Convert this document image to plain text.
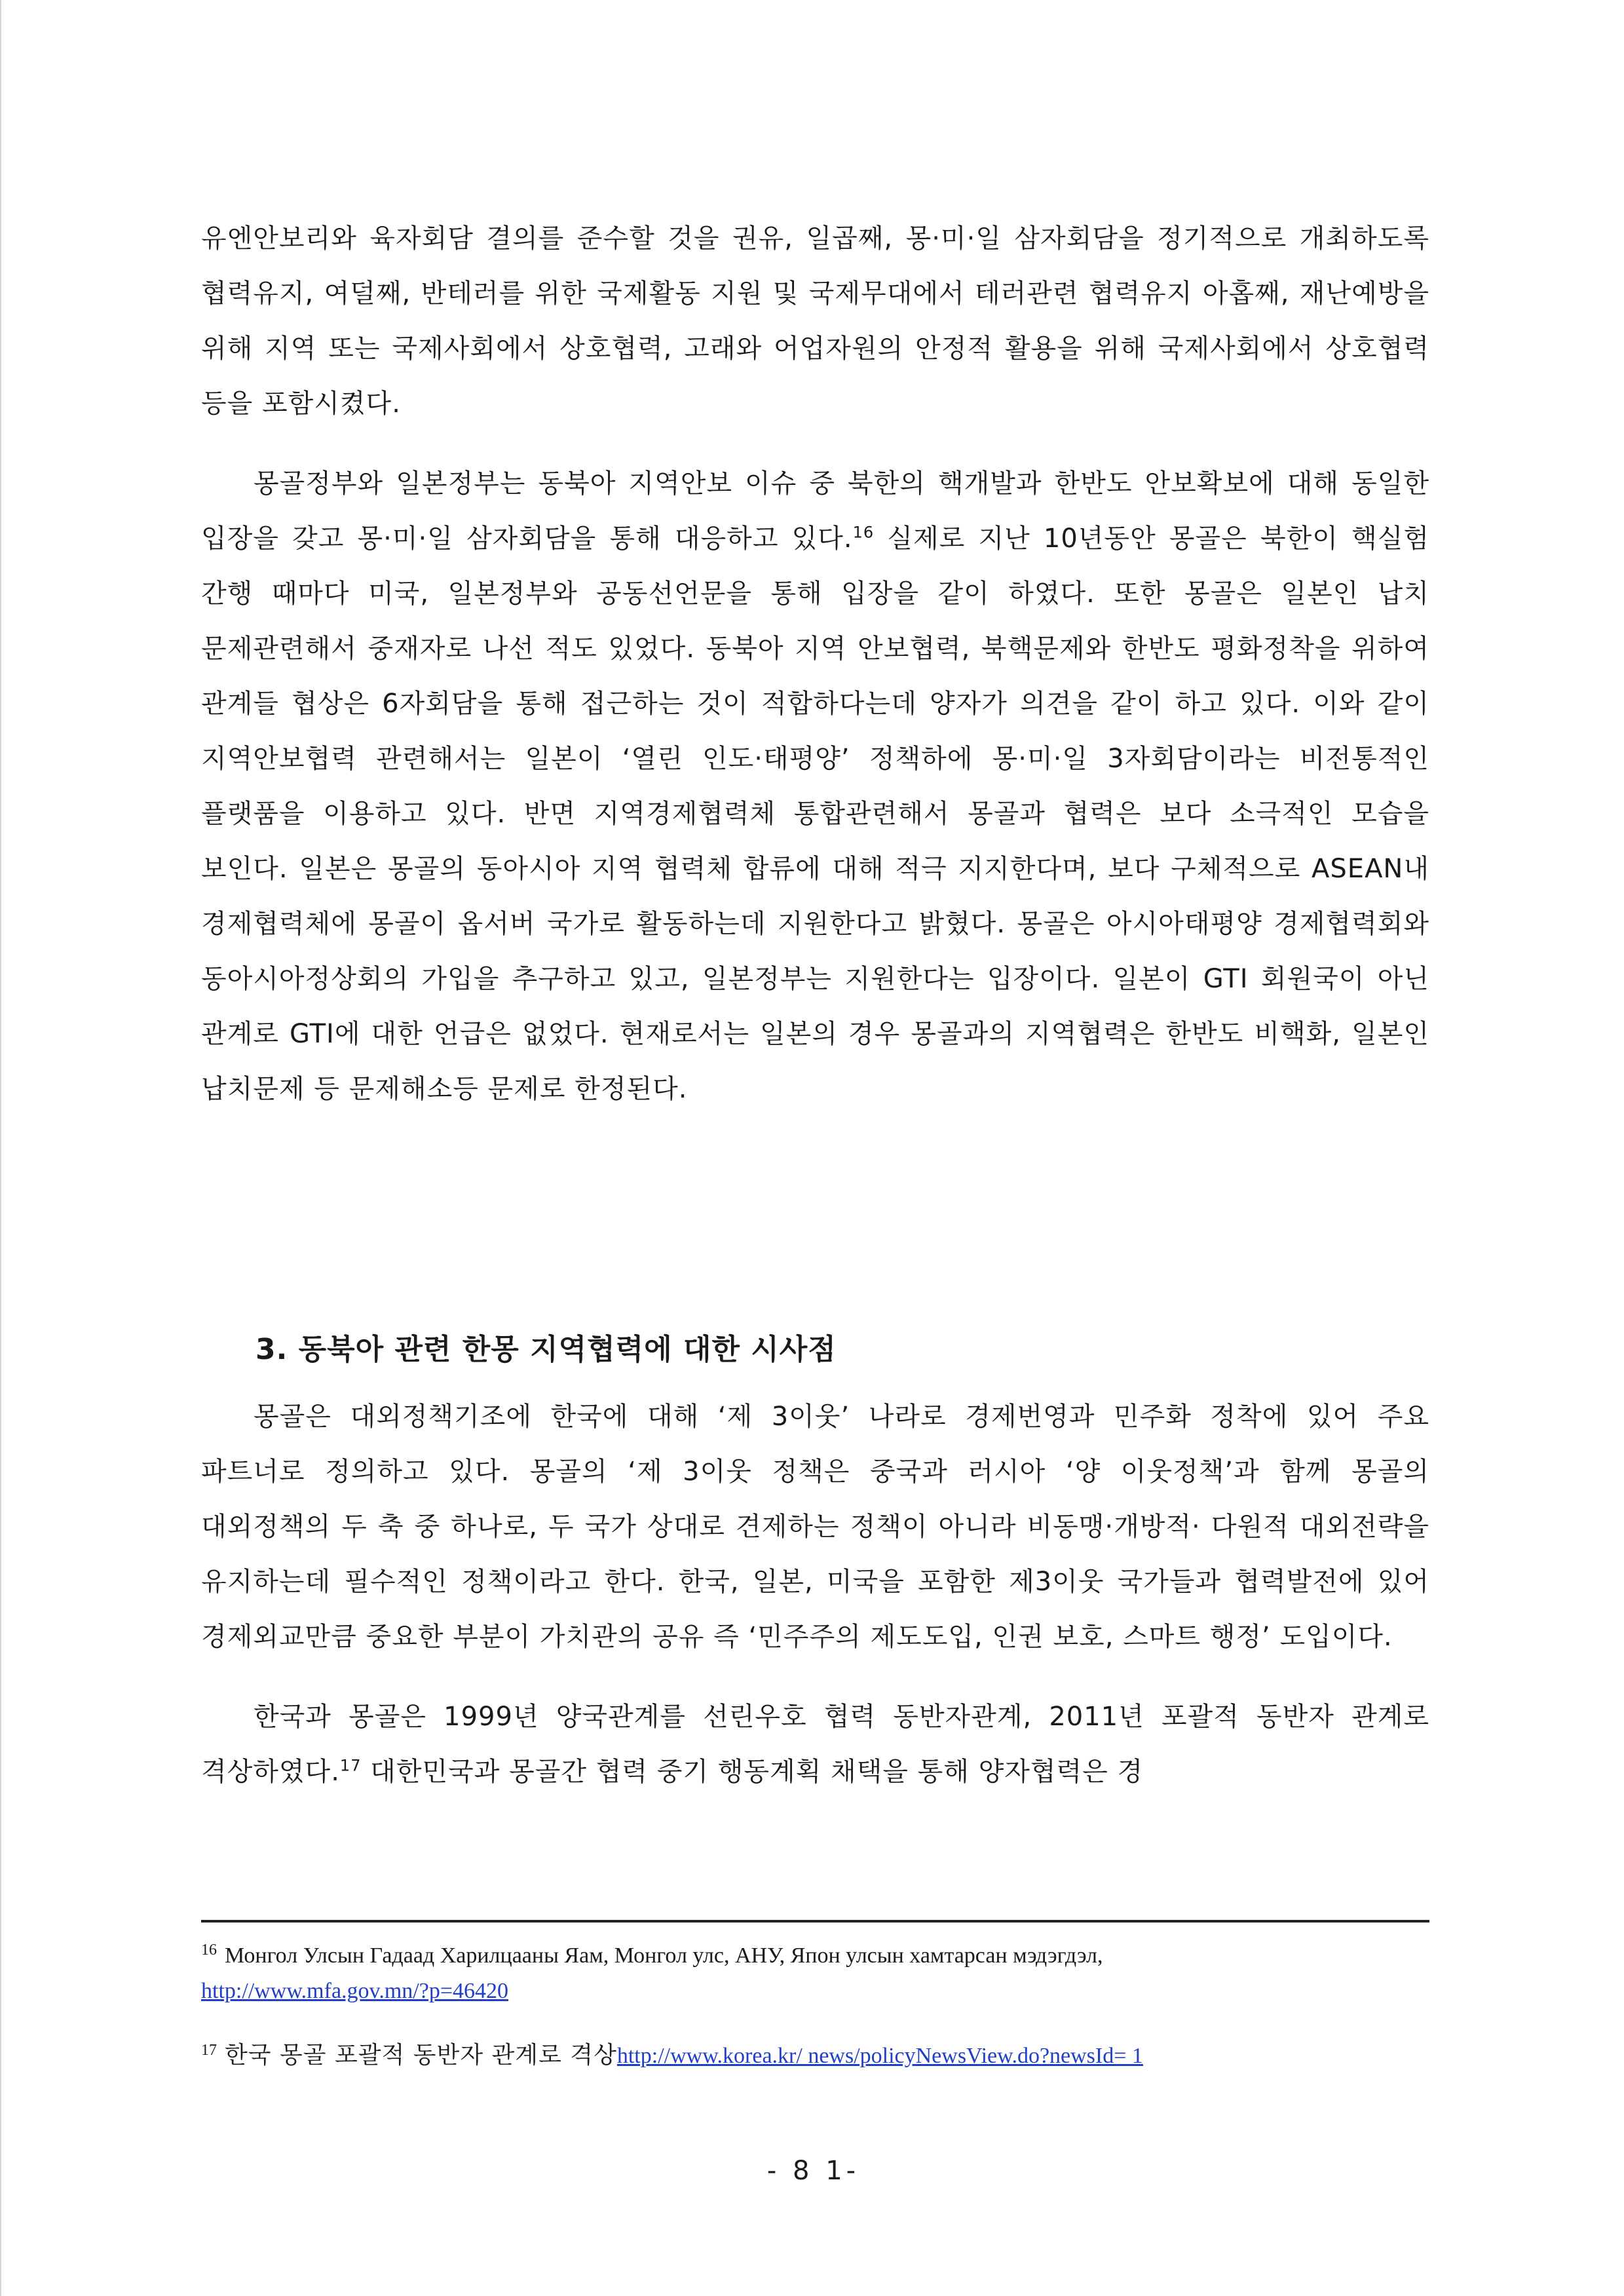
유엔안보리와 육자회담 결의를 준수할 것을 권유, 일곱째, 몽·미·일 삼자회담을 정기적으로 개최하도록 협력유지, 여덜째, 반테러를 위한 국제활동 지원 및 국제무대에서 테러관련 협력유지 아홉째, 재난예방을 위해 지역 또는 국제사회에서 상호협력, 고래와 어업자원의 안정적 활용을 위해 국제사회에서 상호협력 등을 포함시켰다.

몽골정부와 일본정부는 동북아 지역안보 이슈 중 북한의 핵개발과 한반도 안보확보에 대해 동일한 입장을 갖고 몽·미·일 삼자회담을 통해 대응하고 있다.$^{16}$ 실제로 지난 10년동안 몽골은 북한이 핵실험 간행 때마다 미국, 일본정부와 공동선언문을 통해 입장을 같이 하였다. 또한 몽골은 일본인 납치 문제관련해서 중재자로 나선 적도 있었다. 동북아 지역 안보협력, 북핵문제와 한반도 평화정착을 위하여 관계들 협상은 6자회담을 통해 접근하는 것이 적합하다는데 양자가 의견을 같이 하고 있다. 이와 같이 지역안보협력 관련해서는 일본이 ‘열린 인도·태평양’ 정책하에 몽·미·일 3자회담이라는 비전통적인 플랫품을 이용하고 있다. 반면 지역경제협력체 통합관련해서 몽골과 협력은 보다 소극적인 모습을 보인다. 일본은 몽골의 동아시아 지역 협력체 합류에 대해 적극 지지한다며, 보다 구체적으로 ASEAN내 경제협력체에 몽골이 옵서버 국가로 활동하는데 지원한다고 밝혔다. 몽골은 아시아태평양 경제협력회와 동아시아정상회의 가입을 추구하고 있고, 일본정부는 지원한다는 입장이다. 일본이 GTI 회원국이 아닌 관계로 GTI에 대한 언급은 없었다. 현재로서는 일본의 경우 몽골과의 지역협력은 한반도 비핵화, 일본인 납치문제 등 문제해소등 문제로 한정된다.

3. 동북아 관련 한몽 지역협력에 대한 시사점

몽골은 대외정책기조에 한국에 대해 ‘제 3이웃’ 나라로 경제번영과 민주화 정착에 있어 주요 파트너로 정의하고 있다. 몽골의 ‘제 3이웃 정책은 중국과 러시아 ‘양 이웃정책’과 함께 몽골의 대외정책의 두 축 중 하나로, 두 국가 상대로 견제하는 정책이 아니라 비동맹·개방적· 다원적 대외전략을 유지하는데 필수적인 정책이라고 한다. 한국, 일본, 미국을 포함한 제3이웃 국가들과 협력발전에 있어 경제외교만큼 중요한 부분이 가치관의 공유 즉 ‘민주주의 제도도입, 인권 보호, 스마트 행정’ 도입이다.

한국과 몽골은 1999년 양국관계를 선린우호 협력 동반자관계, 2011년 포괄적 동반자 관계로 격상하였다.$^{17}$ 대한민국과 몽골간 협력 중기 행동계획 채택을 통해 양자협력은 경

$^{16}$ Монгол Улсын Гадаад Харилцааны Яам, Монгол улс, АНУ, Япон улсын хамтарсан мэдэгдэл,
http://www.mfa.gov.mn/?p=46420

$^{17}$ 한국 몽골 포괄적 동반자 관계로 격상http://www.korea.kr/ news/policyNewsView.do?newsId= 1

- 8 1-
